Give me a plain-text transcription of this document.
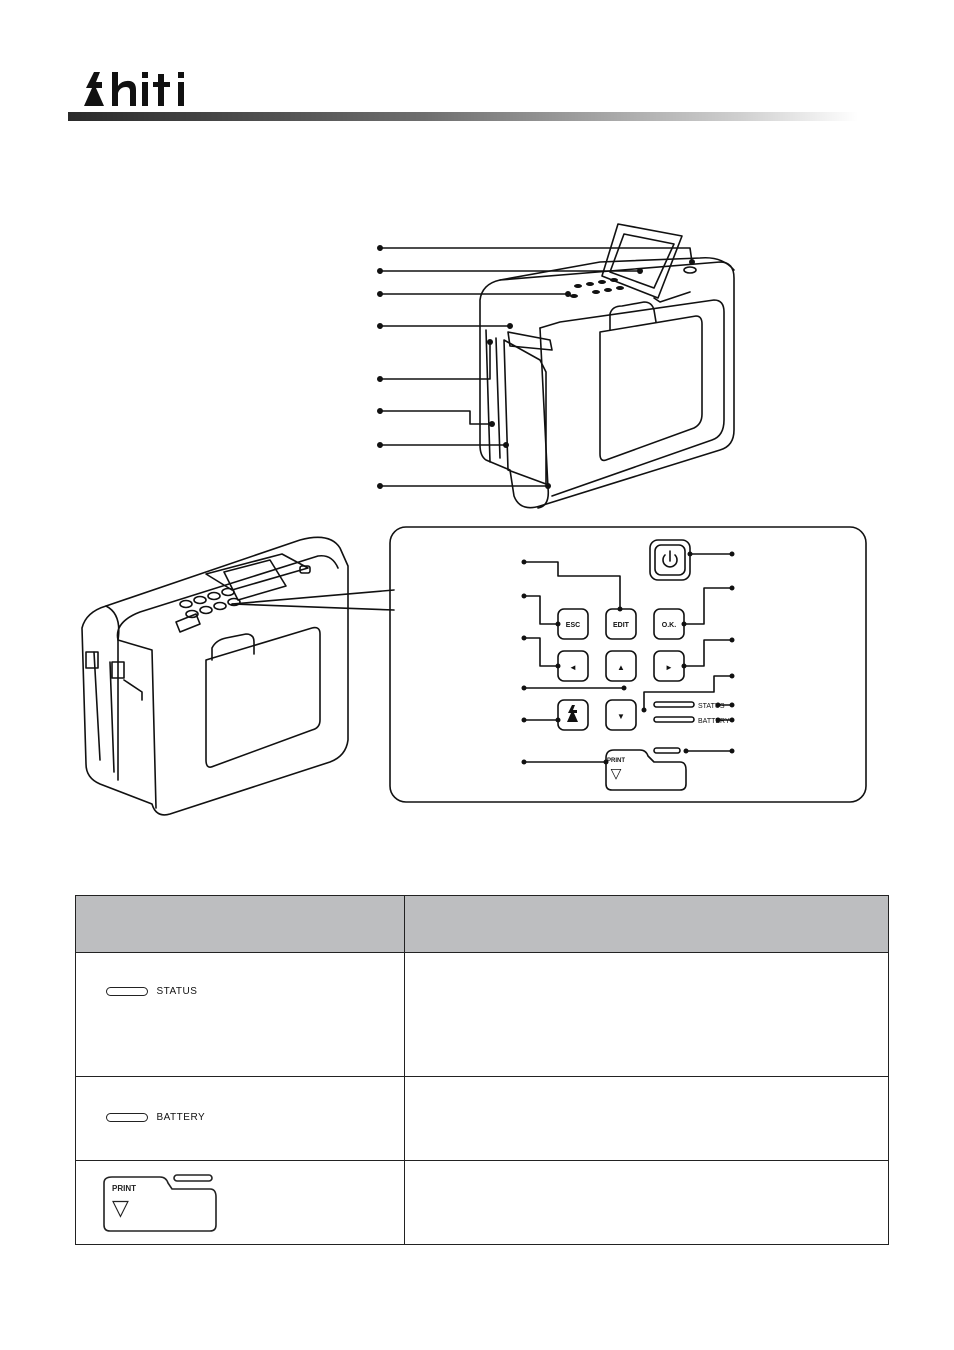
ESC	EDIT	O.K.
◄	▲	►
▼
PRINT
▽
STATUS
BATTERY

STATUS	

BATTERY	

PRINT
▽	
